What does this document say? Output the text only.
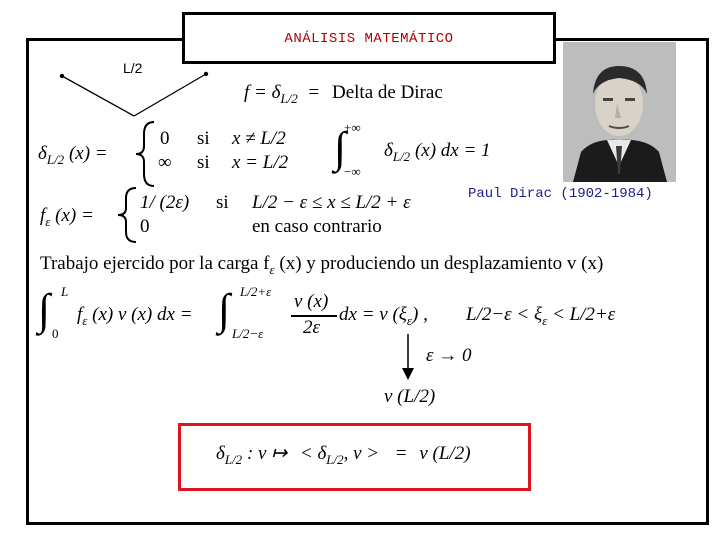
ANÁLISIS MATEMÁTICO
Paul Dirac (1902-1984)
L/2
$f = \delta_{L/2}$ = Delta de Dirac
$\delta_{L/2}$ (x) =
0 si x ≠ L/2
∞ si x = L/2
+∞
∫
−∞
$\delta_{L/2}$ (x) dx = 1
$f_\varepsilon$ (x) =
1/ (2ε) si L/2 − ε ≤ x ≤ L/2 + ε
0	en caso contrario
Trabajo ejercido por la carga $f_\varepsilon$ (x) y produciendo un desplazamiento v (x)
L
∫ 0
$f_\varepsilon$ (x) v (x) dx =
L/2+ε
∫ L/2−ε
v (x)
2ε
dx = v $(\xi_\varepsilon)$ , $L/2-\varepsilon < \xi_\varepsilon < L/2+\varepsilon$
ε → 0
v (L/2)
$\delta_{L/2}$ : v ↦ < $\delta_{L/2}$, v > = v (L/2)
